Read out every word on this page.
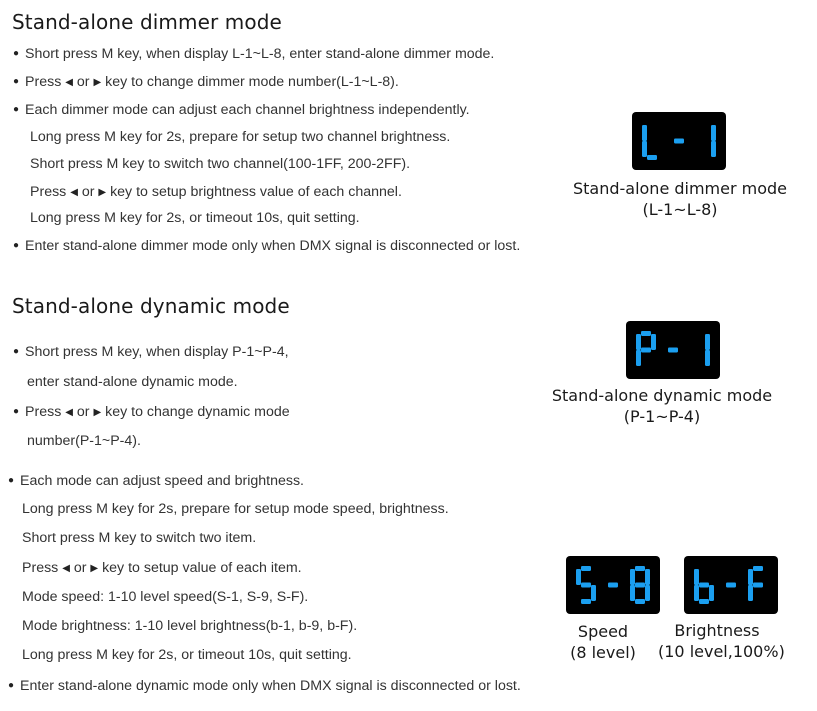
Stand-alone dimmer mode
● Short press M key, when display L-1~L-8, enter stand-alone dimmer mode.
● Press ◀ or ▶ key to change dimmer mode number(L-1~L-8).
● Each dimmer mode can adjust each channel brightness independently.
Long press M key for 2s, prepare for setup two channel brightness.
Short press M key to switch two channel(100-1FF, 200-2FF).
Press ◀ or ▶ key to setup brightness value of each channel.
Long press M key for 2s, or timeout 10s, quit setting.
● Enter stand-alone dimmer mode only when DMX signal is disconnected or lost.
Stand-alone dimmer mode
(L-1~L-8)
Stand-alone dynamic mode
● Short press M key, when display P-1~P-4,
enter stand-alone dynamic mode.
● Press ◀ or ▶ key to change dynamic mode
number(P-1~P-4).
● Each mode can adjust speed and brightness.
Long press M key for 2s, prepare for setup mode speed, brightness.
Short press M key to switch two item.
Press ◀ or ▶ key to setup value of each item.
Mode speed: 1-10 level speed(S-1, S-9, S-F).
Mode brightness: 1-10 level brightness(b-1, b-9, b-F).
Long press M key for 2s, or timeout 10s, quit setting.
● Enter stand-alone dynamic mode only when DMX signal is disconnected or lost.
Stand-alone dynamic mode
(P-1~P-4)
Speed
(8 level)
Brightness
(10 level,100%)
